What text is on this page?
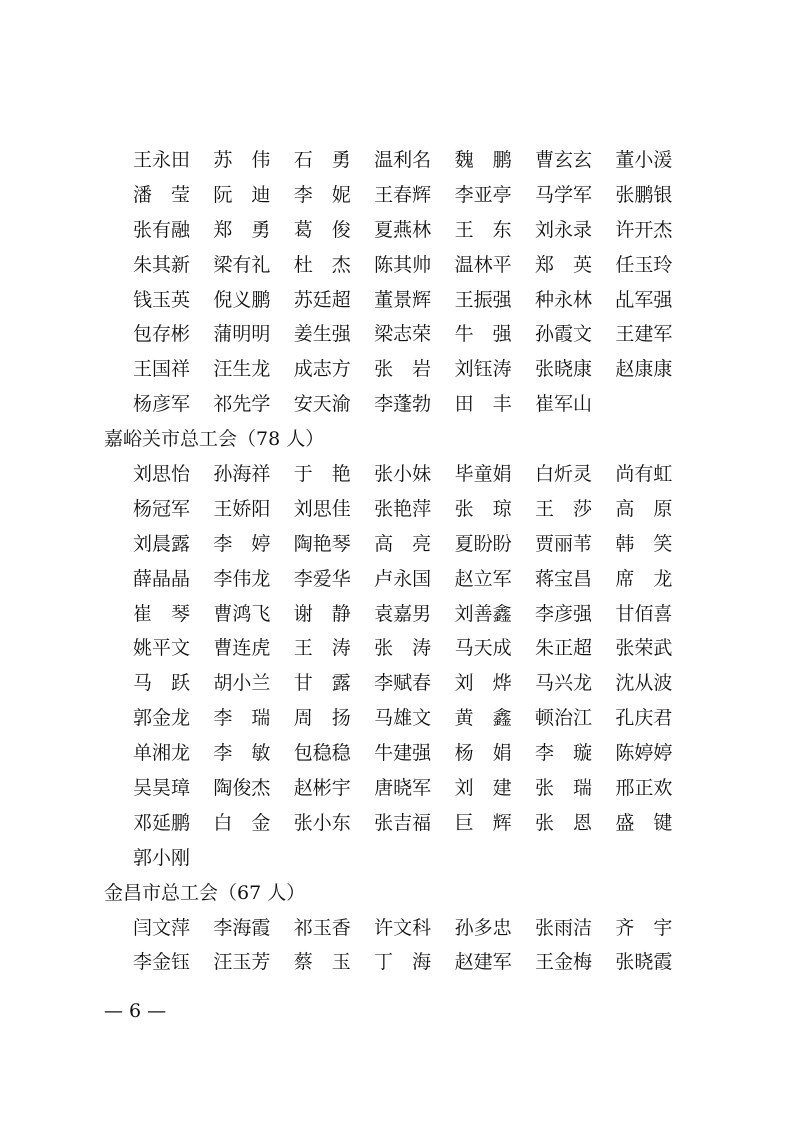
王永田	苏　伟	石　勇	温利名	魏　鹏	曹玄玄	董小湲
潘　莹	阮　迪	李　妮	王春辉	李亚亭	马学军	张鹏银
张有融	郑　勇	葛　俊	夏燕林	王　东	刘永录	许开杰
朱其新	梁有礼	杜　杰	陈其帅	温林平	郑　英	任玉玲
钱玉英	倪义鹏	苏廷超	董景辉	王振强	种永林	乩军强
包存彬	蒲明明	姜生强	梁志荣	牛　强	孙霞文	王建军
王国祥	汪生龙	成志方	张　岩	刘钰涛	张晓康	赵康康
杨彦军	祁先学	安天渝	李蓬勃	田　丰	崔军山
嘉峪关市总工会（78 人）
刘思怡	孙海祥	于　艳	张小妹	毕童娟	白炘灵	尚有虹
杨冠军	王娇阳	刘思佳	张艳萍	张　琼	王　莎	高　原
刘晨露	李　婷	陶艳琴	高　亮	夏盼盼	贾丽苇	韩　笑
薛晶晶	李伟龙	李爱华	卢永国	赵立军	蒋宝昌	席　龙
崔　琴	曹鸿飞	谢　静	袁嘉男	刘善鑫	李彦强	甘佰喜
姚平文	曹连虎	王　涛	张　涛	马天成	朱正超	张荣武
马　跃	胡小兰	甘　露	李赋春	刘　烨	马兴龙	沈从波
郭金龙	李　瑞	周　扬	马雄文	黄　鑫	顿治江	孔庆君
单湘龙	李　敏	包稳稳	牛建强	杨　娟	李　璇	陈婷婷
吴昊璋	陶俊杰	赵彬宇	唐晓军	刘　建	张　瑞	邢正欢
邓延鹏	白　金	张小东	张吉福	巨　辉	张　恩	盛　键
郭小刚
金昌市总工会（67 人）
闫文萍	李海霞	祁玉香	许文科	孙多忠	张雨洁	齐　宇
李金钰	汪玉芳	蔡　玉	丁　海	赵建军	王金梅	张晓霞
— 6 —
